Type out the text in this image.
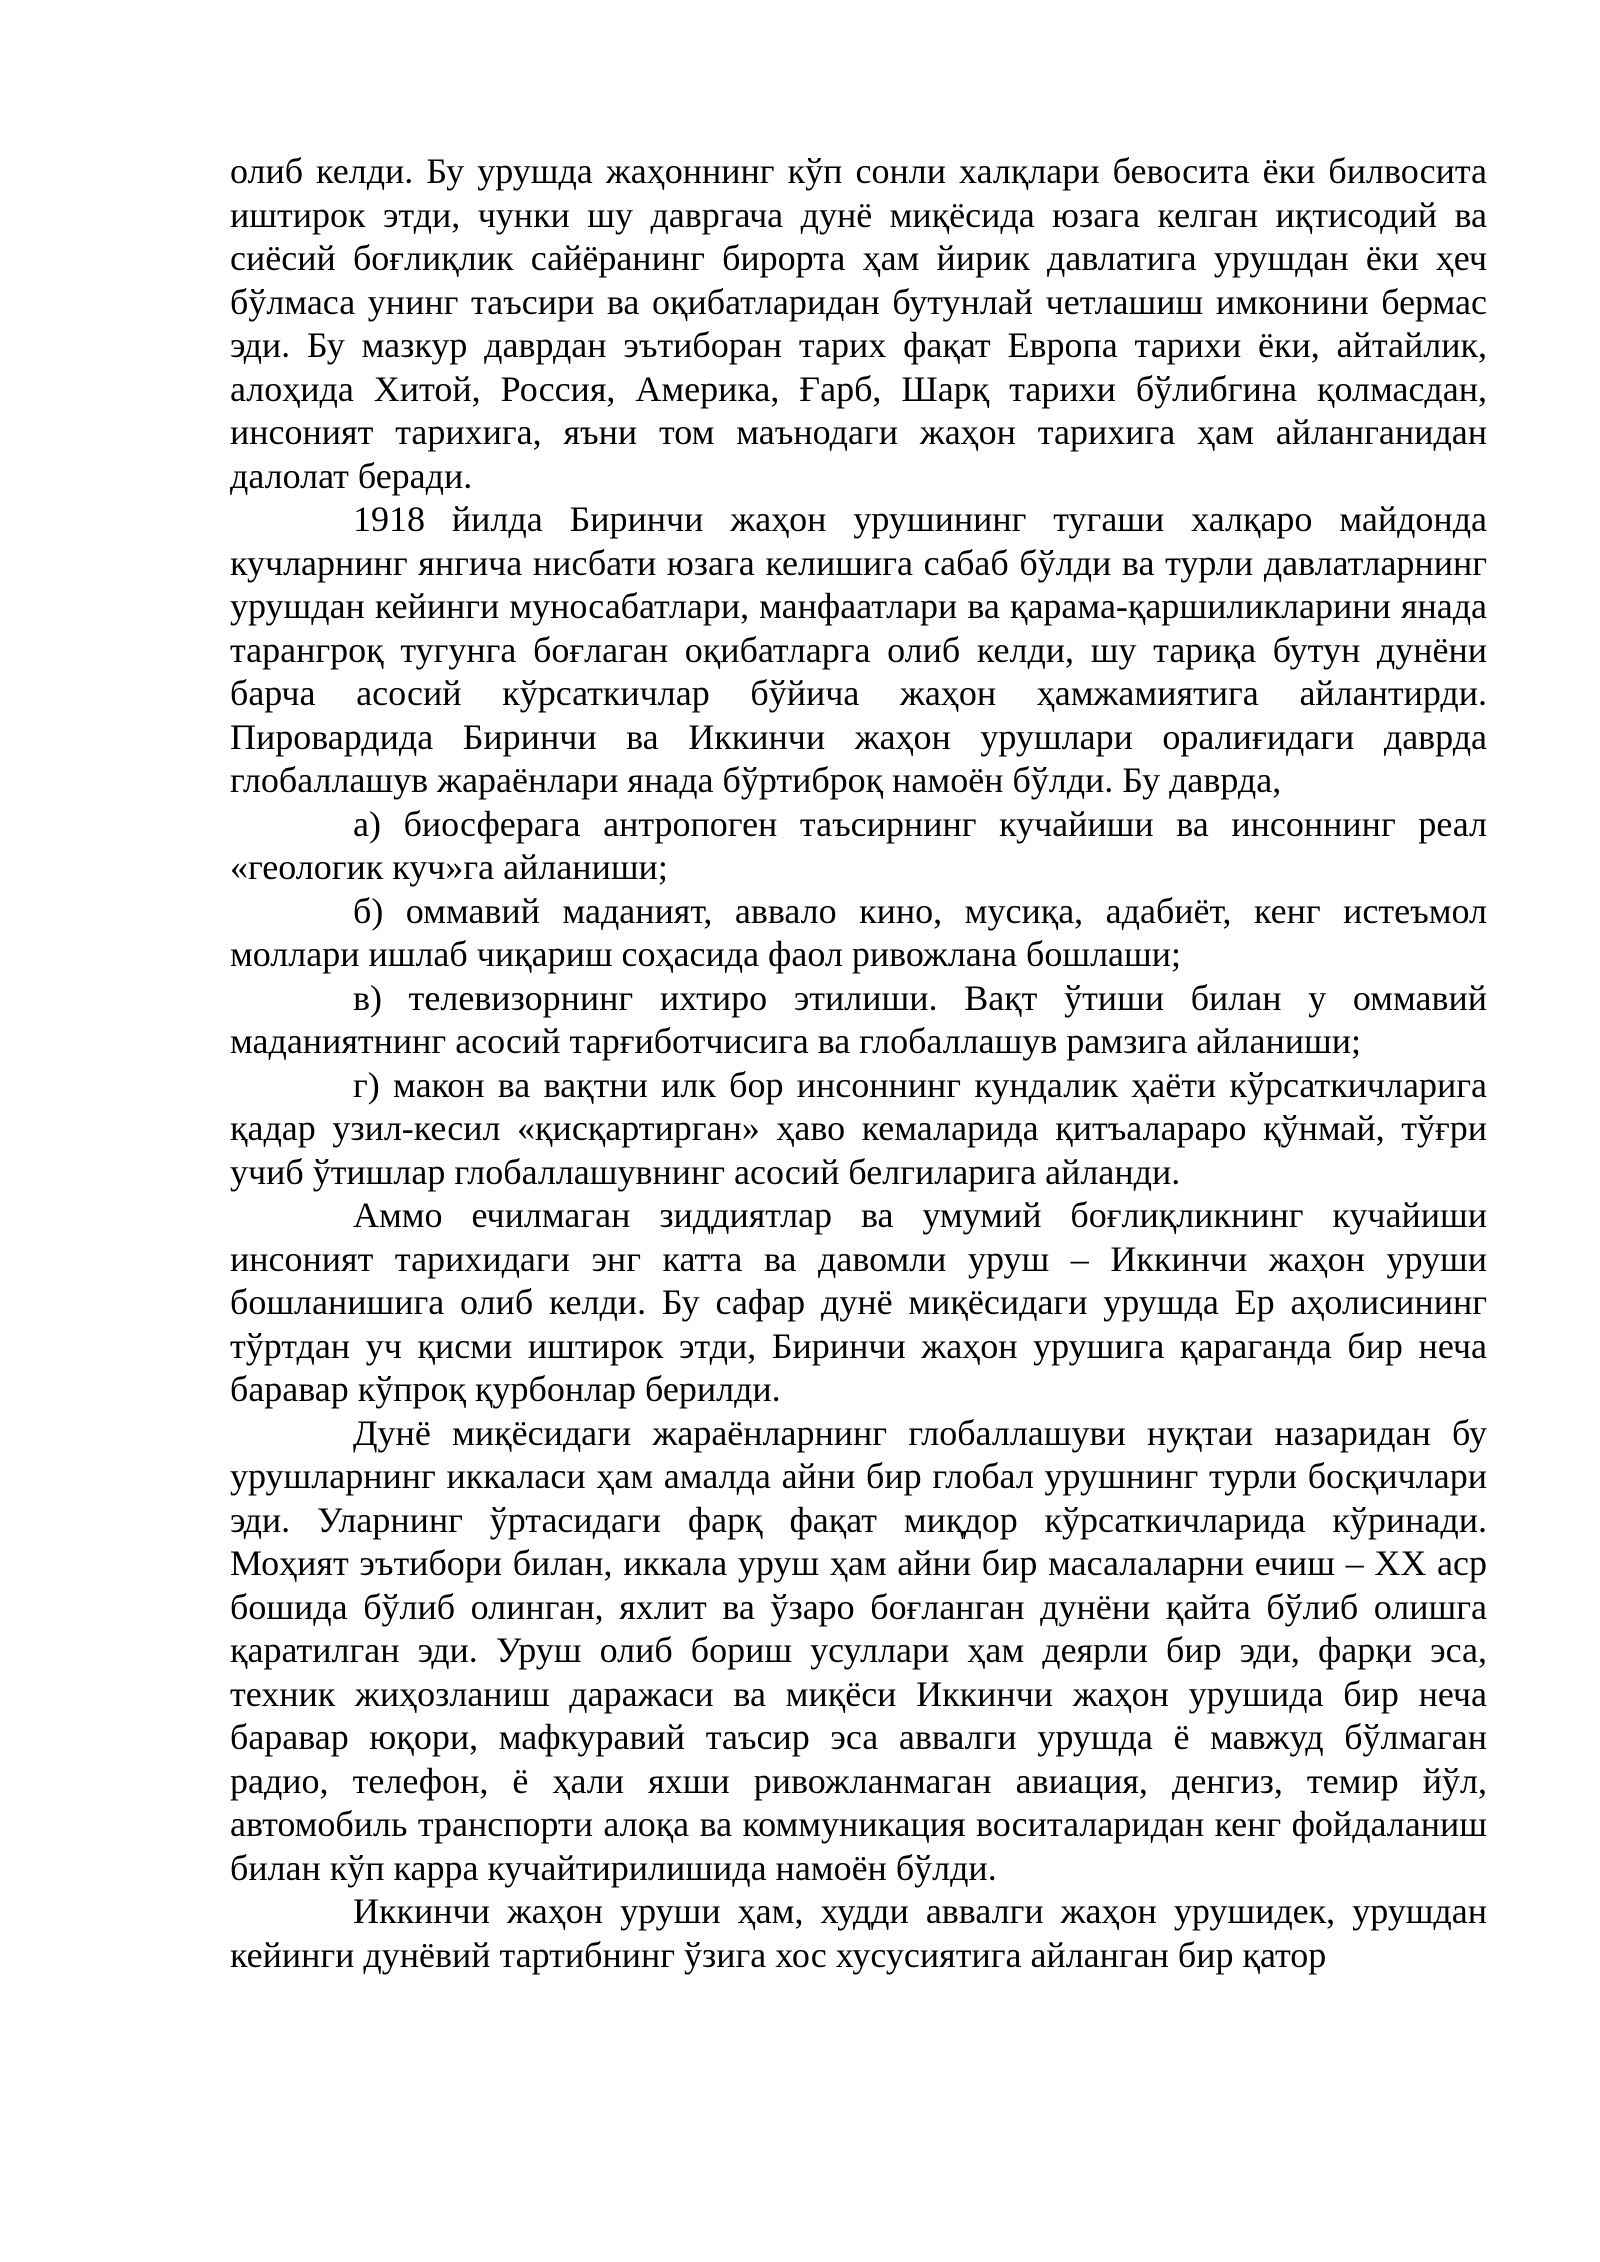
олиб келди. Бу урушда жаҳоннинг кўп сонли халқлари бевосита ёки билвосита иштирок этди, чунки шу давргача дунё миқёсида юзага келган иқтисодий ва сиёсий боғлиқлик сайёранинг бирорта ҳам йирик давлатига урушдан ёки ҳеч бўлмаса унинг таъсири ва оқибатларидан бутунлай четлашиш имконини бермас эди. Бу мазкур даврдан эътиборан тарих фақат Европа тарихи ёки, айтайлик, алоҳида Хитой, Россия, Америка, Ғарб, Шарқ тарихи бўлибгина қолмасдан, инсоният тарихига, яъни том маънодаги жаҳон тарихига ҳам айланганидан далолат беради.

1918 йилда Биринчи жаҳон урушининг тугаши халқаро майдонда кучларнинг янгича нисбати юзага келишига сабаб бўлди ва турли давлатларнинг урушдан кейинги муносабатлари, манфаатлари ва қарама-қаршиликларини янада тарангроқ тугунга боғлаган оқибатларга олиб келди, шу тариқа бутун дунёни барча асосий кўрсаткичлар бўйича жаҳон ҳамжамиятига айлантирди. Пировардида Биринчи ва Иккинчи жаҳон урушлари оралиғидаги даврда глобаллашув жараёнлари янада бўртиброқ намоён бўлди. Бу даврда,

а) биосферага антропоген таъсирнинг кучайиши ва инсоннинг реал «геологик куч»га айланиши;

б) оммавий маданият, аввало кино, мусиқа, адабиёт, кенг истеъмол моллари ишлаб чиқариш соҳасида фаол ривожлана бошлаши;

в) телевизорнинг ихтиро этилиши. Вақт ўтиши билан у оммавий маданиятнинг асосий тарғиботчисига ва глобаллашув рамзига айланиши;

г) макон ва вақтни илк бор инсоннинг кундалик ҳаёти кўрсаткичларига қадар узил-кесил «қисқартирган» ҳаво кемаларида қитъалараро қўнмай, тўғри учиб ўтишлар глобаллашувнинг асосий белгиларига айланди.

Аммо ечилмаган зиддиятлар ва умумий боғлиқликнинг кучайиши инсоният тарихидаги энг катта ва давомли уруш – Иккинчи жаҳон уруши бошланишига олиб келди. Бу сафар дунё миқёсидаги урушда Ер аҳолисининг тўртдан уч қисми иштирок этди, Биринчи жаҳон урушига қараганда бир неча баравар кўпроқ қурбонлар берилди.

Дунё миқёсидаги жараёнларнинг глобаллашуви нуқтаи назаридан бу урушларнинг иккаласи ҳам амалда айни бир глобал урушнинг турли босқичлари эди. Уларнинг ўртасидаги фарқ фақат миқдор кўрсаткичларида кўринади. Моҳият эътибори билан, иккала уруш ҳам айни бир масалаларни ечиш – XX аср бошида бўлиб олинган, яхлит ва ўзаро боғланган дунёни қайта бўлиб олишга қаратилган эди. Уруш олиб бориш усуллари ҳам деярли бир эди, фарқи эса, техник жиҳозланиш даражаси ва миқёси Иккинчи жаҳон урушида бир неча баравар юқори, мафкуравий таъсир эса аввалги урушда ё мавжуд бўлмаган радио, телефон, ё ҳали яхши ривожланмаган авиация, денгиз, темир йўл, автомобиль транспорти алоқа ва коммуникация воситаларидан кенг фойдаланиш билан кўп карра кучайтирилишида намоён бўлди.

Иккинчи жаҳон уруши ҳам, худди аввалги жаҳон урушидек, урушдан кейинги дунёвий тартибнинг ўзига хос хусусиятига айланган бир қатор
